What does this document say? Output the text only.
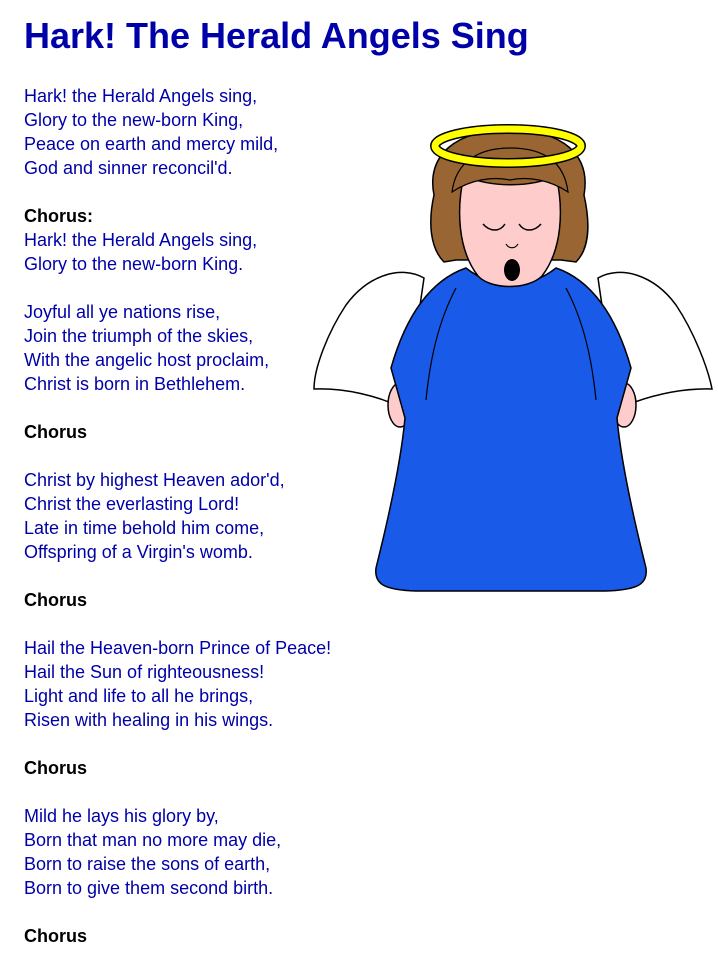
Hark! The Herald Angels Sing
Hark! the Herald Angels sing,
Glory to the new-born King,
Peace on earth and mercy mild,
God and sinner reconcil'd.
Chorus:
Hark! the Herald Angels sing,
Glory to the new-born King.
Joyful all ye nations rise,
Join the triumph of the skies,
With the angelic host proclaim,
Christ is born in Bethlehem.
Chorus
Christ by highest Heaven ador'd,
Christ the everlasting Lord!
Late in time behold him come,
Offspring of a Virgin's womb.
Chorus
Hail the Heaven-born Prince of Peace!
Hail the Sun of righteousness!
Light and life to all he brings,
Risen with healing in his wings.
Chorus
Mild he lays his glory by,
Born that man no more may die,
Born to raise the sons of earth,
Born to give them second birth.
Chorus
